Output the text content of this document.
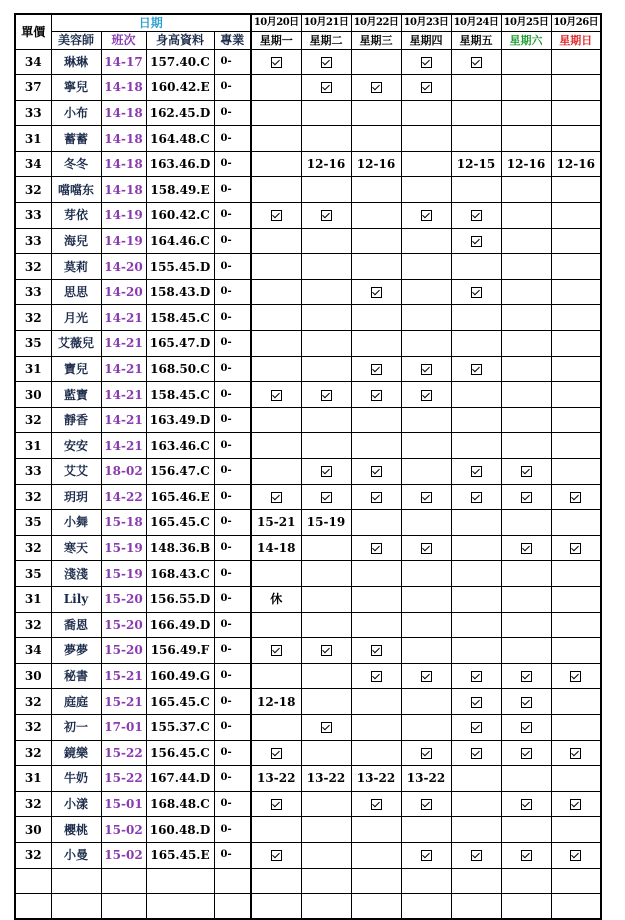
單價	日期				10月20日	10月21日	10月22日	10月23日	10月24日	10月25日	10月26日
	美容師	班次	身高資料	專業	星期一	星期二	星期三	星期四	星期五	星期六	星期日
34	琳琳	14-17	157.40.C	0-							
37	寧兒	14-18	160.42.E	0-							
33	小布	14-18	162.45.D	0-							
31	蓄蓄	14-18	164.48.C	0-							
34	冬冬	14-18	163.46.D	0-		12-16	12-16		12-15	12-16	12-16
32	噹噹东	14-18	158.49.E	0-							
33	芽依	14-19	160.42.C	0-							
33	海兒	14-19	164.46.C	0-							
32	莫莉	14-20	155.45.D	0-							
33	思思	14-20	158.43.D	0-							
32	月光	14-21	158.45.C	0-							
35	艾薇兒	14-21	165.47.D	0-							
31	寶兒	14-21	168.50.C	0-							
30	藍寶	14-21	158.45.C	0-							
32	靜香	14-21	163.49.D	0-							
31	安安	14-21	163.46.C	0-							
33	艾艾	18-02	156.47.C	0-							
32	玥玥	14-22	165.46.E	0-							
35	小舞	15-18	165.45.C	0-	15-21	15-19					
32	寒天	15-19	148.36.B	0-	14-18						
35	淺淺	15-19	168.43.C	0-							
31	Lily	15-20	156.55.D	0-	休						
32	喬恩	15-20	166.49.D	0-							
34	夢夢	15-20	156.49.F	0-							
30	秘書	15-21	160.49.G	0-							
32	庭庭	15-21	165.45.C	0-	12-18						
32	初一	17-01	155.37.C	0-							
32	鏡樂	15-22	156.45.C	0-							
31	牛奶	15-22	167.44.D	0-	13-22	13-22	13-22	13-22			
32	小漾	15-01	168.48.C	0-							
30	櫻桃	15-02	160.48.D	0-							
32	小曼	15-02	165.45.E	0-							
